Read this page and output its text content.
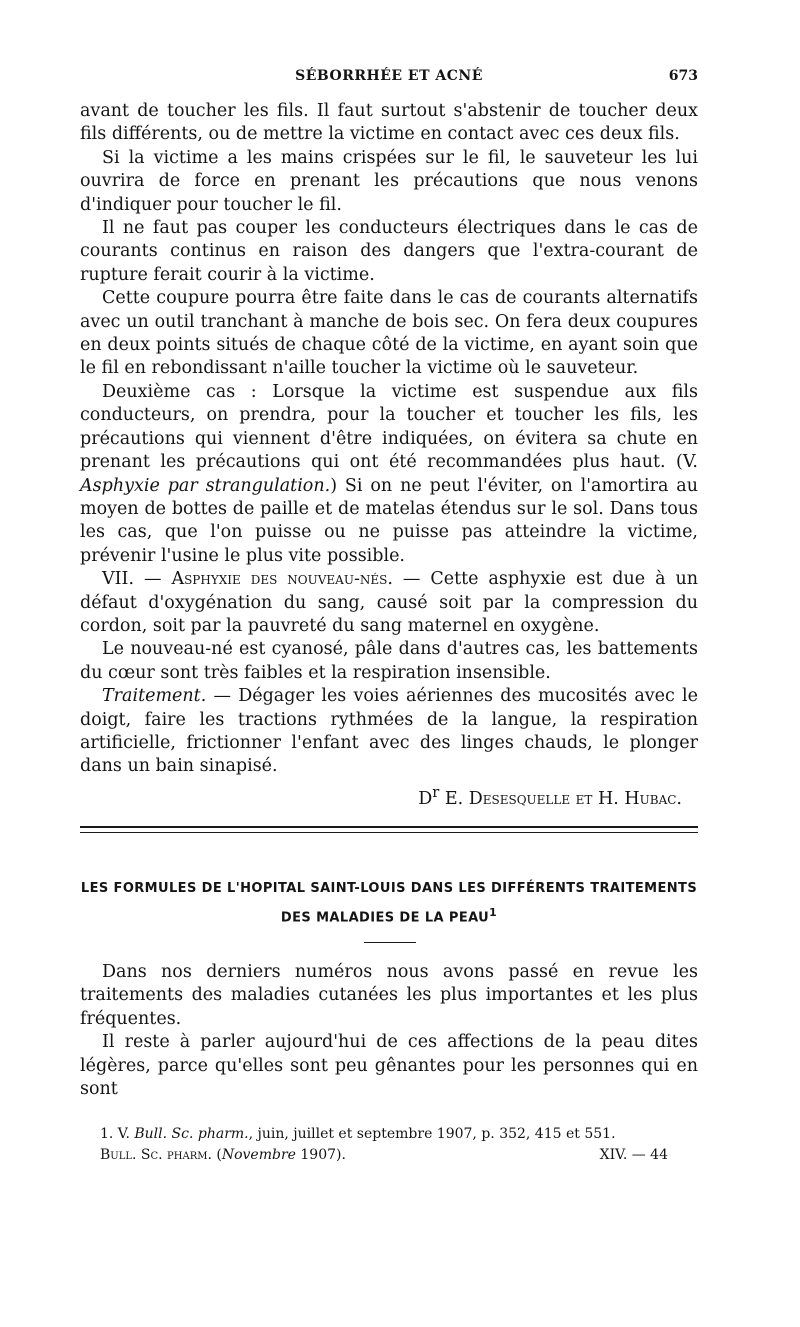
SÉBORRHÉE ET ACNÉ	673

avant de toucher les fils. Il faut surtout s'abstenir de toucher deux fils différents, ou de mettre la victime en contact avec ces deux fils.

Si la victime a les mains crispées sur le fil, le sauveteur les lui ouvrira de force en prenant les précautions que nous venons d'indiquer pour toucher le fil.

Il ne faut pas couper les conducteurs électriques dans le cas de courants continus en raison des dangers que l'extra-courant de rupture ferait courir à la victime.

Cette coupure pourra être faite dans le cas de courants alternatifs avec un outil tranchant à manche de bois sec. On fera deux coupures en deux points situés de chaque côté de la victime, en ayant soin que le fil en rebondissant n'aille toucher la victime où le sauveteur.

Deuxième cas : Lorsque la victime est suspendue aux fils conducteurs, on prendra, pour la toucher et toucher les fils, les précautions qui viennent d'être indiquées, on évitera sa chute en prenant les précautions qui ont été recommandées plus haut. (V. Asphyxie par strangulation.) Si on ne peut l'éviter, on l'amortira au moyen de bottes de paille et de matelas étendus sur le sol. Dans tous les cas, que l'on puisse ou ne puisse pas atteindre la victime, prévenir l'usine le plus vite possible.

VII. — Asphyxie des nouveau-nés. — Cette asphyxie est due à un défaut d'oxygénation du sang, causé soit par la compression du cordon, soit par la pauvreté du sang maternel en oxygène.

Le nouveau-né est cyanosé, pâle dans d'autres cas, les battements du cœur sont très faibles et la respiration insensible.

Traitement. — Dégager les voies aériennes des mucosités avec le doigt, faire les tractions rythmées de la langue, la respiration artificielle, frictionner l'enfant avec des linges chauds, le plonger dans un bain sinapisé.

$D^r$ E. Desesquelle et H. Hubac.
LES FORMULES DE L'HOPITAL SAINT-LOUIS DANS LES DIFFÉRENTS TRAITEMENTS
DES MALADIES DE LA PEAU$^1$

Dans nos derniers numéros nous avons passé en revue les traitements des maladies cutanées les plus importantes et les plus fréquentes.

Il reste à parler aujourd'hui de ces affections de la peau dites légères, parce qu'elles sont peu gênantes pour les personnes qui en sont

1. V. Bull. Sc. pharm., juin, juillet et septembre 1907, p. 352, 415 et 551.
Bull. Sc. pharm. (Novembre 1907).	XIV. — 44
